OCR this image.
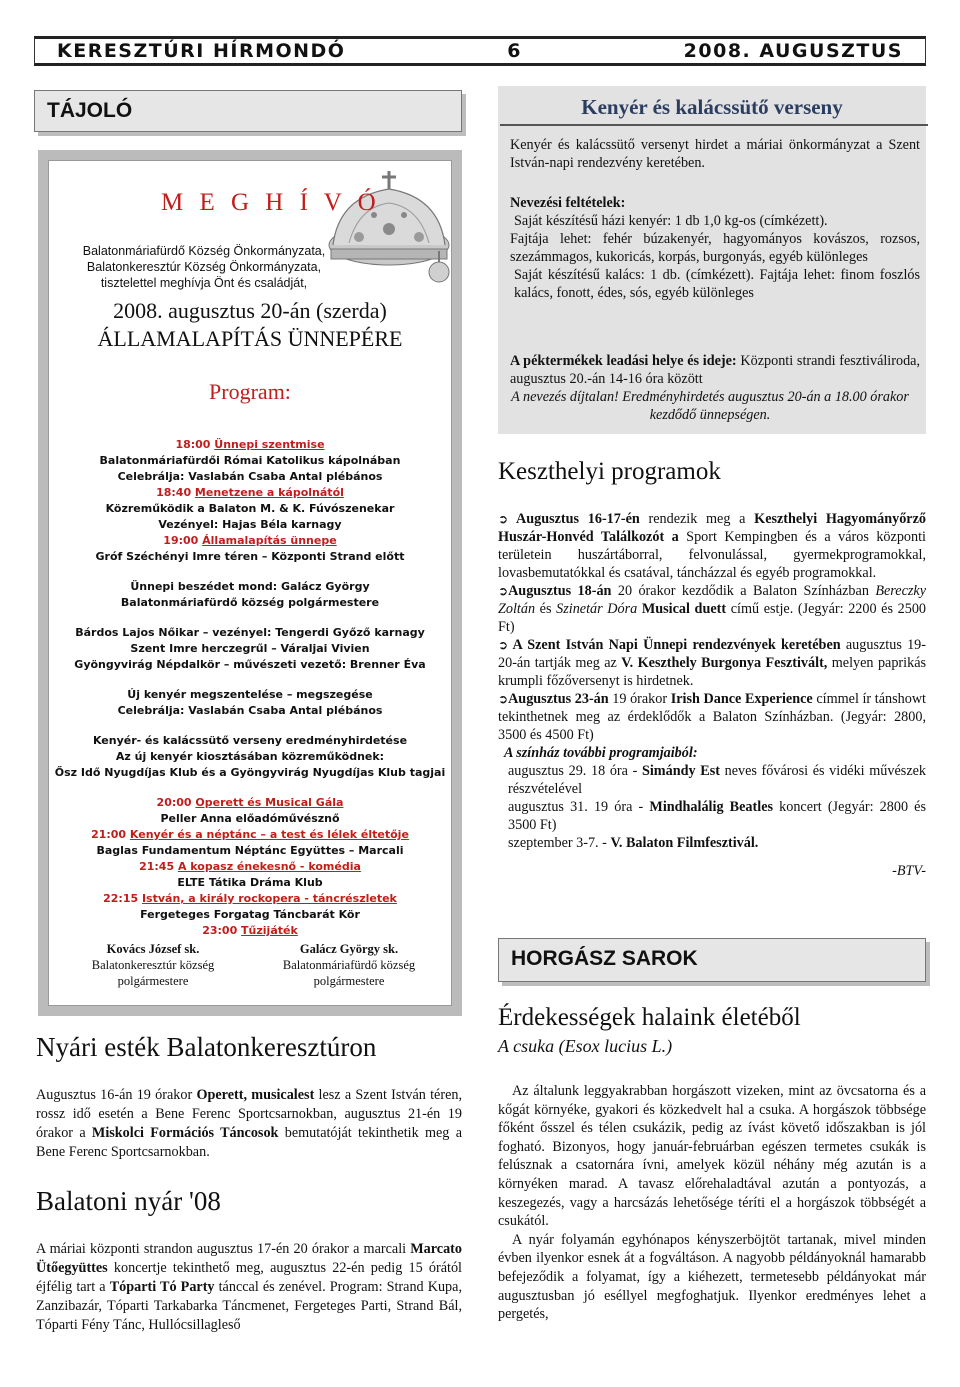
KERESZTÚRI HÍRMONDÓ	6	2008. AUGUSZTUS
TÁJOLÓ
M E G H Í V Ó
Balatonmáriafürdő Község Önkormányzata,
Balatonkeresztúr Község Önkormányzata,
tisztelettel meghívja Önt és családját,
2008. augusztus 20-án (szerda)
ÁLLAMALAPÍTÁS ÜNNEPÉRE
Program:
18:00 Ünnepi szentmise
Balatonmáriafürdői Római Katolikus kápolnában
Celebrálja: Vaslabán Csaba Antal plébános
18:40 Menetzene a kápolnától
Közreműködik a Balaton M. & K. Fúvószenekar
Vezényel: Hajas Béla karnagy
19:00 Államalapítás ünnepe
Gróf Széchényi Imre téren – Központi Strand előtt
Ünnepi beszédet mond: Galácz György
Balatonmáriafürdő község polgármestere
Bárdos Lajos Nőikar – vezényel: Tengerdi Győző karnagy
Szent Imre herczegrűl – Váraljai Vivien
Gyöngyvirág Népdalkör – művészeti vezető: Brenner Éva
Új kenyér megszentelése – megszegése
Celebrálja: Vaslabán Csaba Antal plébános
Kenyér- és kalácssütő verseny eredményhirdetése
Az új kenyér kiosztásában közreműködnek:
Ősz Idő Nyugdíjas Klub és a Gyöngyvirág Nyugdíjas Klub tagjai
20:00 Operett és Musical Gála
Peller Anna előadóművésznő
21:00 Kenyér és a néptánc – a test és lélek éltetője
Baglas Fundamentum Néptánc Együttes – Marcali
21:45 A kopasz énekesnő - komédia
ELTE Tátika Dráma Klub
22:15 István, a király rockopera - táncrészletek
Fergeteges Forgatag Táncbarát Kör
23:00 Tűzijáték
Kovács József sk.
Balatonkeresztúr község
polgármestere
Galácz György sk.
Balatonmáriafürdő község
polgármestere
Nyári esték Balatonkeresztúron
Augusztus 16-án 19 órakor Operett, musicalest lesz a Szent István téren, rossz idő esetén a Bene Ferenc Sportcsarnokban, augusztus 21-én 19 órakor a Miskolci Formációs Táncosok bemutatóját tekinthetik meg a Bene Ferenc Sportcsarnokban.
Balatoni nyár '08
A máriai központi strandon augusztus 17-én 20 órakor a marcali Marcato Ütőegyüttes koncertje tekinthető meg, augusztus 22-én pedig 15 órától éjfélig tart a Tóparti Tó Party tánccal és zenével. Program: Strand Kupa, Zanzibazár, Tóparti Tarkabarka Táncmenet, Fergeteges Parti, Strand Bál, Tóparti Fény Tánc, Hullócsillagleső
Kenyér és kalácssütő verseny
Kenyér és kalácssütő versenyt hirdet a máriai önkormányzat a Szent István-napi rendezvény keretében.
Nevezési feltételek:
Saját készítésű házi kenyér: 1 db 1,0 kg-os (címkézett).
Fajtája lehet: fehér búzakenyér, hagyományos kovászos, rozsos, szezámmagos, kukoricás, korpás, burgonyás, egyéb különleges
Saját készítésű kalács: 1 db. (címkézett). Fajtája lehet: finom foszlós kalács, fonott, édes, sós, egyéb különleges
A péktermékek leadási helye és ideje: Központi strandi fesztiváliroda, augusztus 20.-án 14-16 óra között
A nevezés díjtalan! Eredményhirdetés augusztus 20-án a 18.00 órakor kezdődő ünnepségen.
Keszthelyi programok
➲ Augusztus 16-17-én rendezik meg a Keszthelyi Hagyományőrző Huszár-Honvéd Találkozót a Sport Kempingben és a város központi területein huszártáborral, felvonulással, gyermekprogramokkal, lovasbemutatókkal és csatával, táncházzal és egyéb programokkal.
➲Augusztus 18-án 20 órakor kezdődik a Balaton Színházban Bereczky Zoltán és Szinetár Dóra Musical duett című estje. (Jegyár: 2200 és 2500 Ft)
➲ A Szent István Napi Ünnepi rendezvények keretében augusztus 19-20-án tartják meg az V. Keszthely Burgonya Fesztivált, melyen paprikás krumpli főzőversenyt is hirdetnek.
➲Augusztus 23-án 19 órakor Irish Dance Experience címmel ír tánshowt tekinthetnek meg az érdeklődők a Balaton Színházban. (Jegyár: 2800, 3500 és 4500 Ft)
A színház további programjaiból:
augusztus 29. 18 óra - Simándy Est neves fővárosi és vidéki művészek részvételével
augusztus 31. 19 óra - Mindhalálig Beatles koncert (Jegyár: 2800 és 3500 Ft)
szeptember 3-7. - V. Balaton Filmfesztivál.
-BTV-
HORGÁSZ SAROK
Érdekességek halaink életéből
A csuka (Esox lucius L.)
Az általunk leggyakrabban horgászott vizeken, mint az övcsatorna és a kőgát környéke, gyakori és közkedvelt hal a csuka. A horgászok többsége főként ősszel és télen csukázik, pedig az ívást követő időszakban is jól fogható. Bizonyos, hogy január-februárban egészen termetes csukák is felúsznak a csatornára ívni, amelyek közül néhány még azután is a környéken marad. A tavasz előrehaladtával azután a pontyozás, a keszegezés, vagy a harcsázás lehetősége téríti el a horgászok többségét a csukától.
A nyár folyamán egyhónapos kényszerböjtöt tartanak, mivel minden évben ilyenkor esnek át a fogváltáson. A nagyobb példányoknál hamarabb befejeződik a folyamat, így a kiéhezett, termetesebb példányokat már augusztusban jó eséllyel megfoghatjuk. Ilyenkor eredményes lehet a pergetés,
